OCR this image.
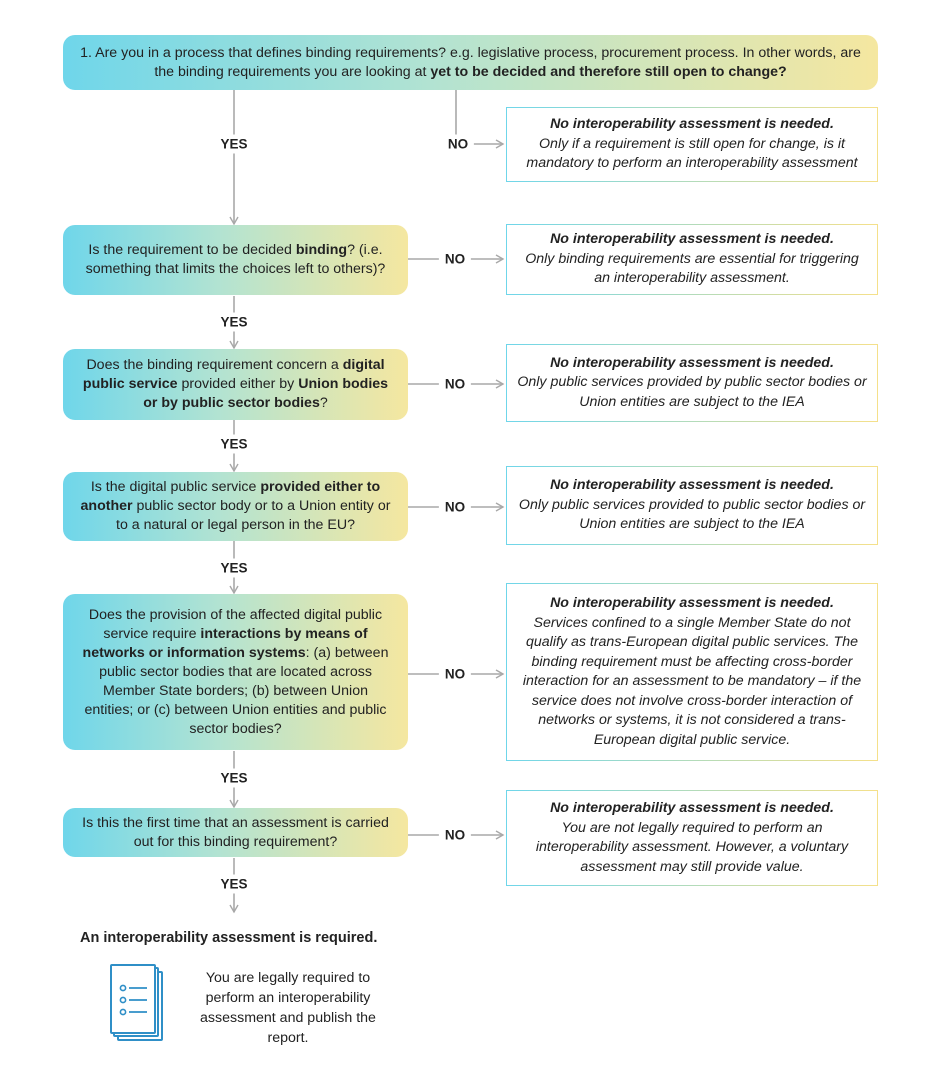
1. Are you in a process that defines binding requirements? e.g. legislative process, procurement process. In other words, are the binding requirements you are looking at yet to be decided and therefore still open to change?
Is the requirement to be decided binding? (i.e. something that limits the choices left to others)?
Does the binding requirement concern a digital public service provided either by Union bodies or by public sector bodies?
Is the digital public service provided either to another public sector body or to a Union entity or to a natural or legal person in the EU?
Does the provision of the affected digital public service require interactions by means of networks or information systems: (a) between public sector bodies that are located across Member State borders; (b) between Union entities; or (c) between Union entities and public sector bodies?
Is this the first time that an assessment is carried out for this binding requirement?
No interoperability assessment is needed.
Only if a requirement is still open for change, is it mandatory to perform an interoperability assessment
No interoperability assessment is needed.
Only binding requirements are essential for triggering an interoperability assessment.
No interoperability assessment is needed.
Only public services provided by public sector bodies or Union entities are subject to the IEA
No interoperability assessment is needed.
Only public services provided to public sector bodies or Union entities are subject to the IEA
No interoperability assessment is needed.
Services confined to a single Member State do not qualify as trans-European digital public services. The binding requirement must be affecting cross-border interaction for an assessment to be mandatory – if the service does not involve cross-border interaction of networks or systems, it is not considered a trans-European digital public service.
No interoperability assessment is needed.
You are not legally required to perform an interoperability assessment. However, a voluntary assessment may still provide value.
YES
YES
YES
YES
YES
YES
NO
NO
NO
NO
NO
NO
An interoperability assessment is required.
You are legally required to perform an interoperability assessment and publish the report.
